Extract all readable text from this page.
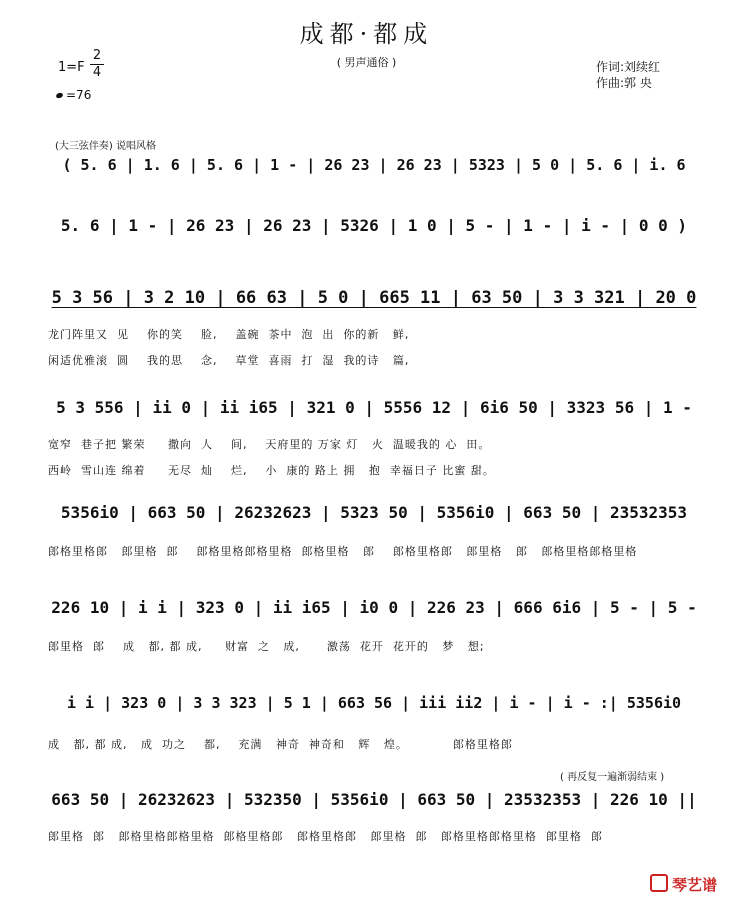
成都·都成
( 男声通俗 )	作词:刘续红
作曲:郭 央
1=F
2
4
=76
(大三弦伴奏) 说唱风格
( 5. 6 | 1. 6 | 5. 6 | 1 - | 26 23 | 26 23 | 5323 | 5 0 | 5. 6 | i. 6
5. 6 | 1 - | 26 23 | 26 23 | 5326 | 1 0 | 5 - | 1 - | i - | 0 0 )
5 3 56 | 3 2 10 | 66 63 | 5 0 | 665 11 | 63 50 | 3 3 321 | 20 0
龙门阵里又  见    你的笑    脸,    盖碗  茶中  泡  出  你的新   鲜,
闲适优雅滚  圆    我的思    念,    草堂  喜雨  打  湿  我的诗   篇,
5 3 556 | ii 0 | ii i65 | 321 0 | 5556 12 | 6i6 50 | 3323 56 | 1 -
宽窄  巷子把 繁荣     撒向  人    间,    天府里的 万家 灯   火  温暖我的 心  田。
西岭  雪山连 绵着     无尽  灿    烂,    小  康的 路上 拥   抱  幸福日子 比蜜 甜。
5356i0 | 663 50 | 26232623 | 5323 50 | 5356i0 | 663 50 | 23532353
郎格里格郎   郎里格  郎    郎格里格郎格里格  郎格里格   郎    郎格里格郎   郎里格   郎   郎格里格郎格里格
226 10 | i i | 323 0 | ii i65 | i0 0 | 226 23 | 666 6i6 | 5 - | 5 -
郎里格  郎    成   都, 都 成,     财富  之   成,      激荡  花开  花开的   梦   想;
i i | 323 0 | 3 3 323 | 5 1 | 663 56 | iii ii2 | i - | i - :| 5356i0
成   都, 都 成,   成  功之    都,    充满   神奇  神奇和   辉   煌。          郎格里格郎
( 再反复一遍渐弱结束 )
663 50 | 26232623 | 532350 | 5356i0 | 663 50 | 23532353 | 226 10 ||
郎里格  郎   郎格里格郎格里格  郎格里格郎   郎格里格郎   郎里格  郎   郎格里格郎格里格  郎里格  郎
琴艺谱
